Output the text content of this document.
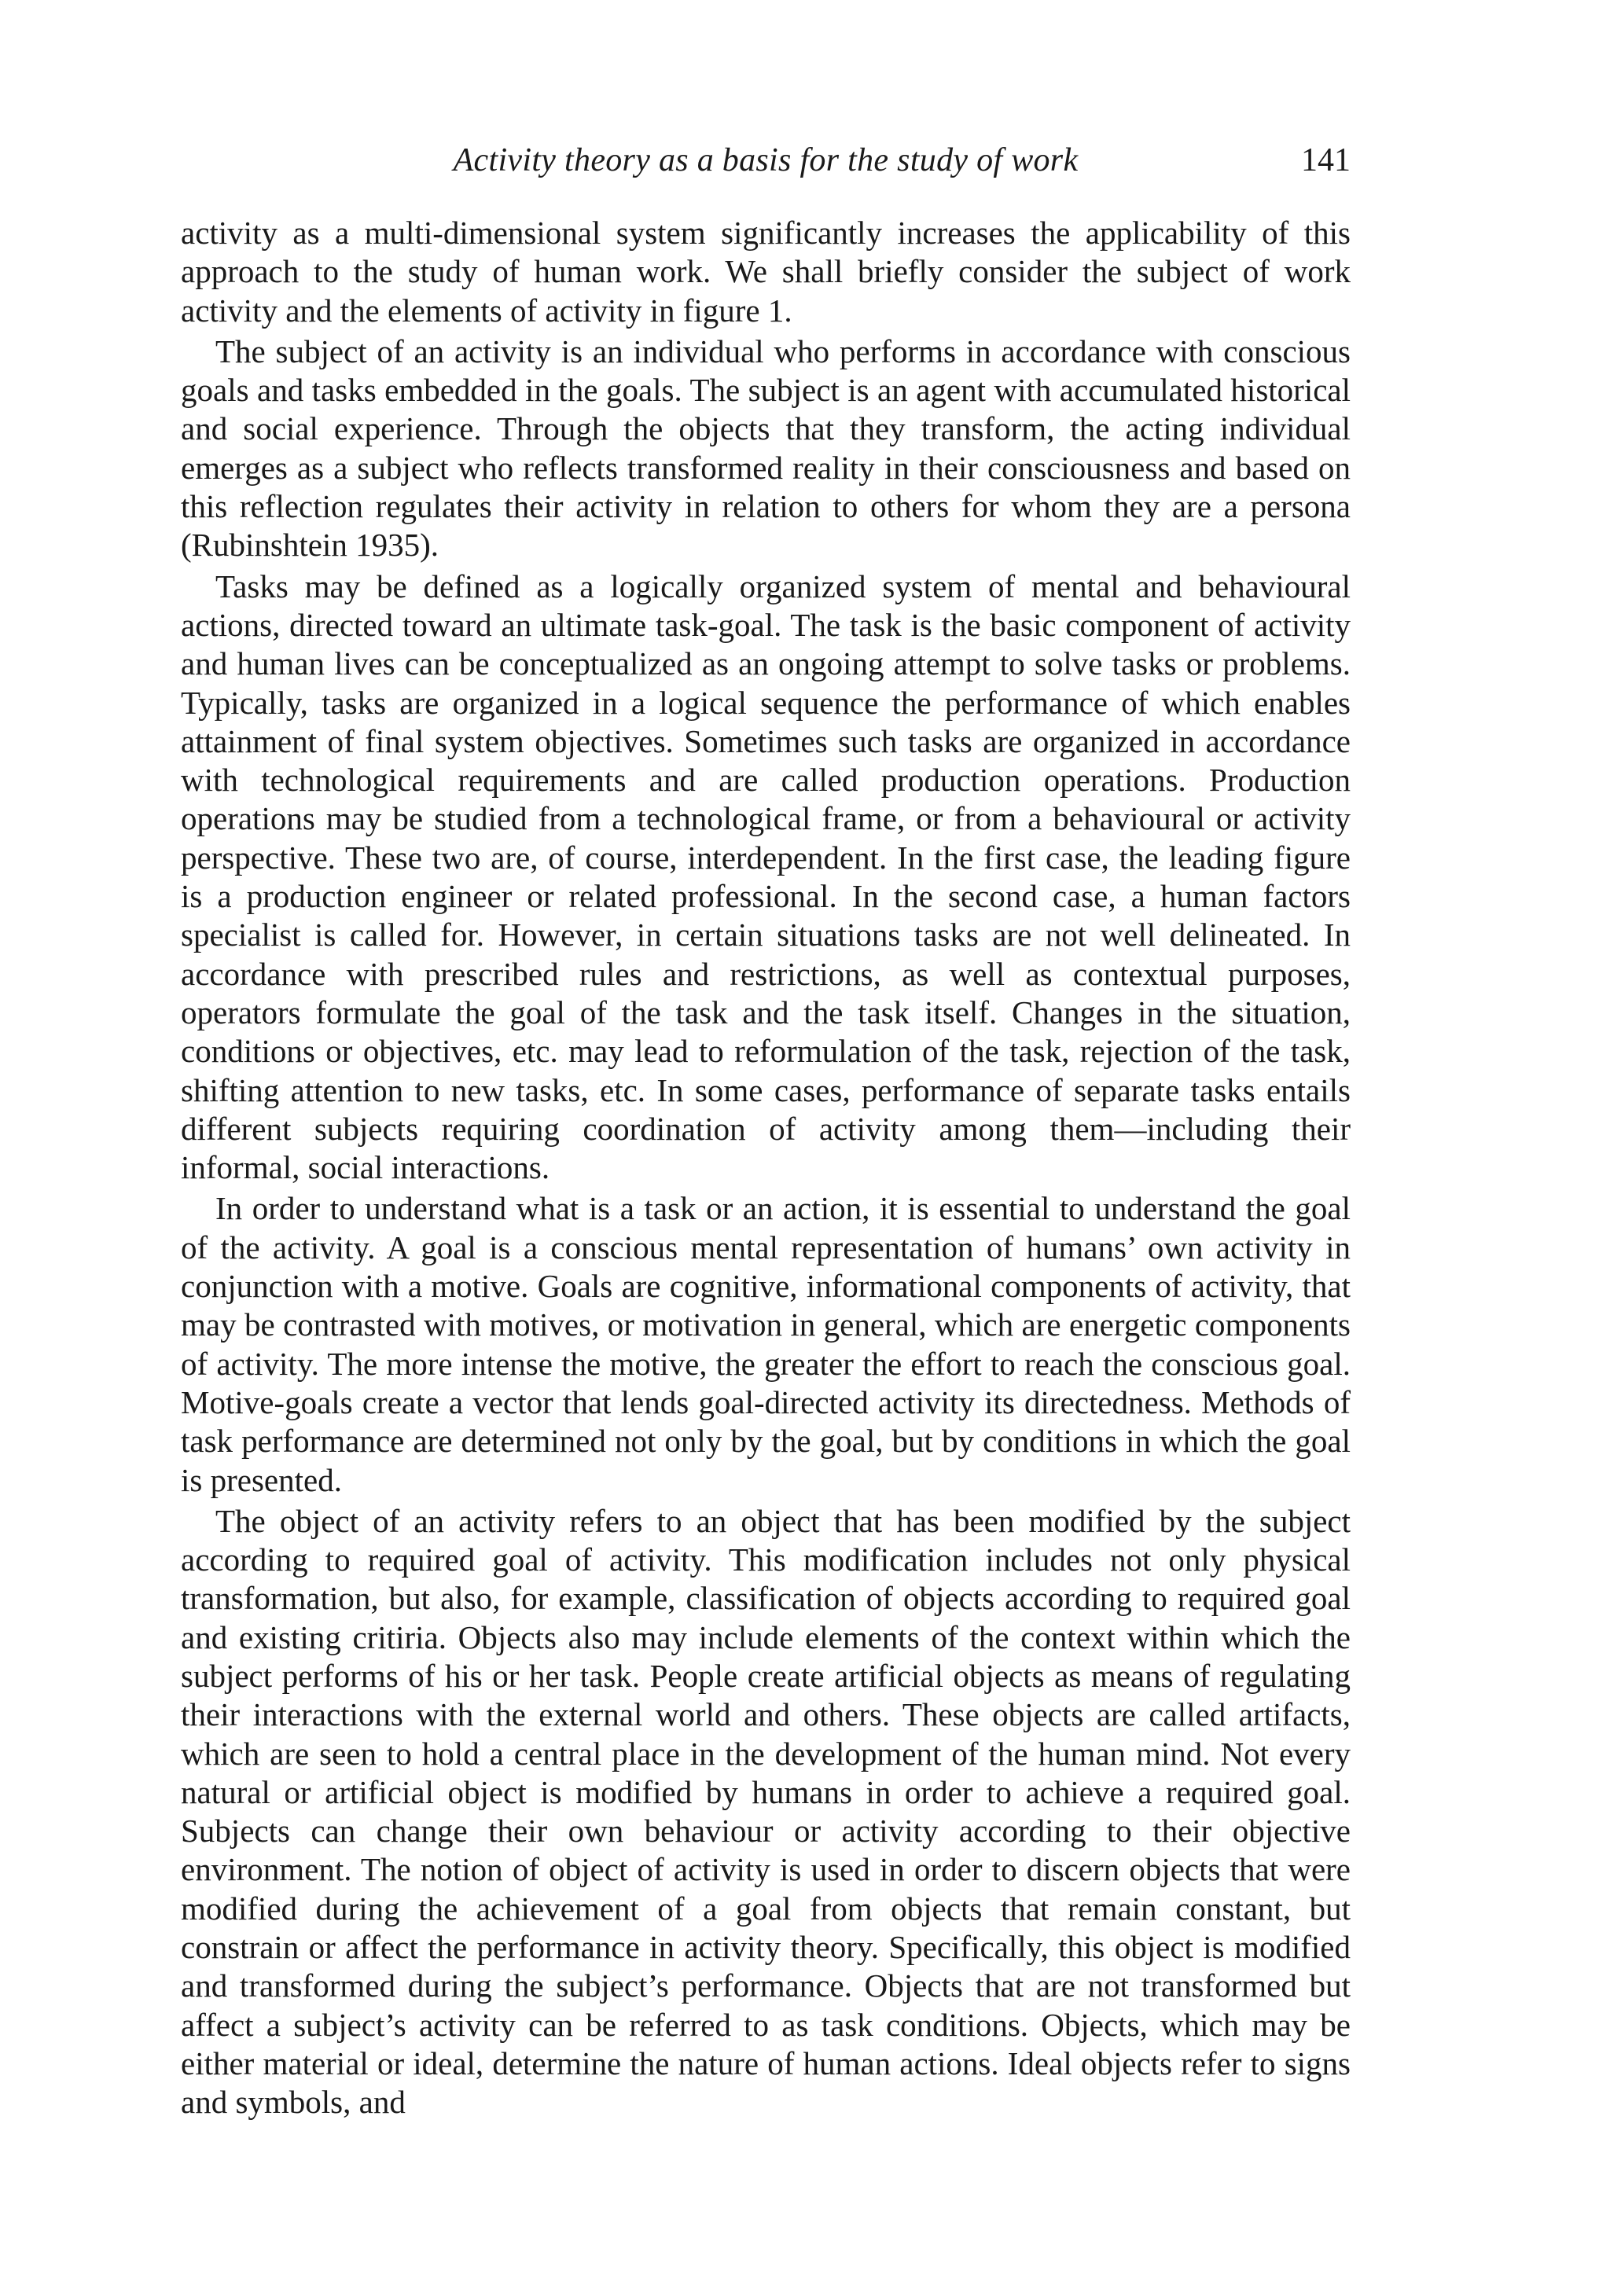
Activity theory as a basis for the study of work	141

activity as a multi-dimensional system significantly increases the applicability of this approach to the study of human work. We shall briefly consider the subject of work activity and the elements of activity in figure 1.

The subject of an activity is an individual who performs in accordance with conscious goals and tasks embedded in the goals. The subject is an agent with accumulated historical and social experience. Through the objects that they transform, the acting individual emerges as a subject who reflects transformed reality in their consciousness and based on this reflection regulates their activity in relation to others for whom they are a persona (Rubinshtein 1935).

Tasks may be defined as a logically organized system of mental and behavioural actions, directed toward an ultimate task-goal. The task is the basic component of activity and human lives can be conceptualized as an ongoing attempt to solve tasks or problems. Typically, tasks are organized in a logical sequence the performance of which enables attainment of final system objectives. Sometimes such tasks are organized in accordance with technological requirements and are called production operations. Production operations may be studied from a technological frame, or from a behavioural or activity perspective. These two are, of course, interdependent. In the first case, the leading figure is a production engineer or related professional. In the second case, a human factors specialist is called for. However, in certain situations tasks are not well delineated. In accordance with prescribed rules and restrictions, as well as contextual purposes, operators formulate the goal of the task and the task itself. Changes in the situation, conditions or objectives, etc. may lead to reformulation of the task, rejection of the task, shifting attention to new tasks, etc. In some cases, performance of separate tasks entails different subjects requiring coordination of activity among them—including their informal, social interactions.

In order to understand what is a task or an action, it is essential to understand the goal of the activity. A goal is a conscious mental representation of humans’ own activity in conjunction with a motive. Goals are cognitive, informational components of activity, that may be contrasted with motives, or motivation in general, which are energetic components of activity. The more intense the motive, the greater the effort to reach the conscious goal. Motive-goals create a vector that lends goal-directed activity its directedness. Methods of task performance are determined not only by the goal, but by conditions in which the goal is presented.

The object of an activity refers to an object that has been modified by the subject according to required goal of activity. This modification includes not only physical transformation, but also, for example, classification of objects according to required goal and existing critiria. Objects also may include elements of the context within which the subject performs of his or her task. People create artificial objects as means of regulating their interactions with the external world and others. These objects are called artifacts, which are seen to hold a central place in the development of the human mind. Not every natural or artificial object is modified by humans in order to achieve a required goal. Subjects can change their own behaviour or activity according to their objective environment. The notion of object of activity is used in order to discern objects that were modified during the achievement of a goal from objects that remain constant, but constrain or affect the performance in activity theory. Specifically, this object is modified and transformed during the subject’s performance. Objects that are not transformed but affect a subject’s activity can be referred to as task conditions. Objects, which may be either material or ideal, determine the nature of human actions. Ideal objects refer to signs and symbols, and
